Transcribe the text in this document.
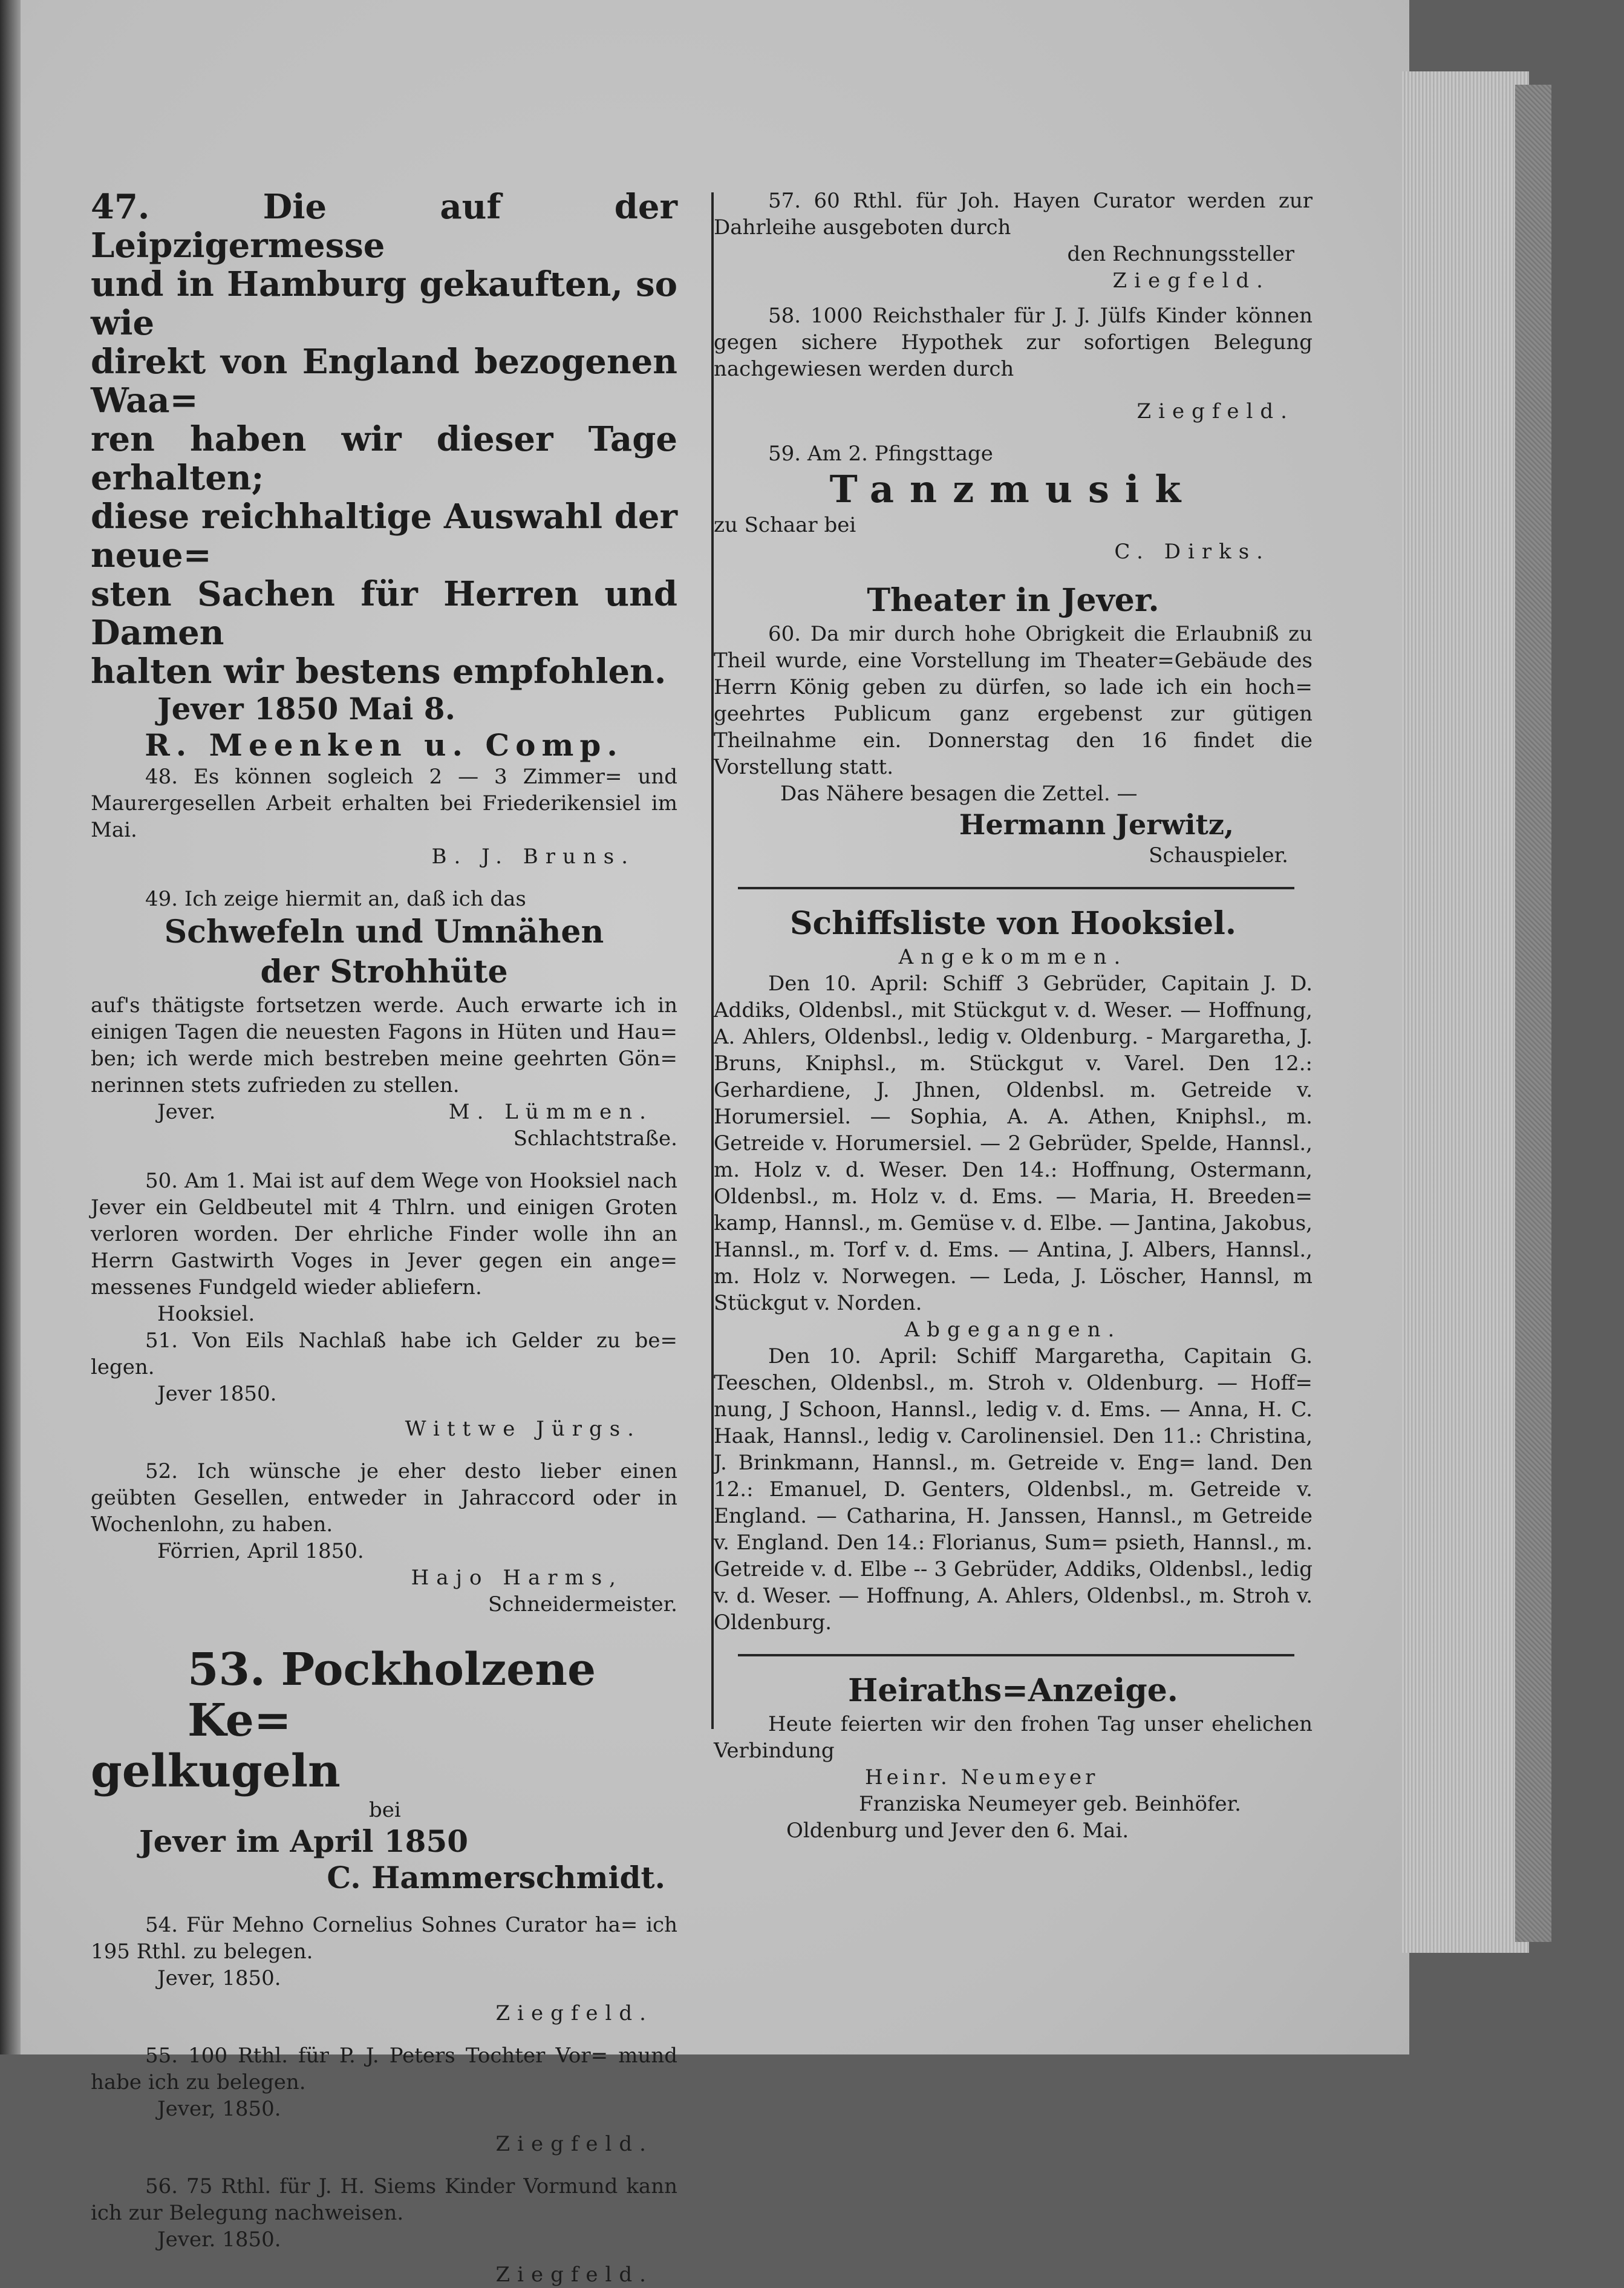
47. Die auf der Leipzigermesse

und in Hamburg gekauften, so wie

direkt von England bezogenen Waa=

ren haben wir dieser Tage erhalten;

diese reichhaltige Auswahl der neue=

sten Sachen für Herren und Damen

halten wir bestens empfohlen.

Jever 1850 Mai 8.

R. Meenken u. Comp.

48. Es können sogleich 2 — 3 Zimmer= und Maurergesellen Arbeit erhalten bei Friederikensiel im Mai.

B. J. Bruns.

49. Ich zeige hiermit an, daß ich das

Schwefeln und Umnähen

der Strohhüte

auf's thätigste fortsetzen werde. Auch erwarte ich in einigen Tagen die neuesten Fagons in Hüten und Hau= ben; ich werde mich bestreben meine geehrten Gön= nerinnen stets zufrieden zu stellen.

Jever.	M. Lümmen.

Schlachtstraße.

50. Am 1. Mai ist auf dem Wege von Hooksiel nach Jever ein Geldbeutel mit 4 Thlrn. und einigen Groten verloren worden. Der ehrliche Finder wolle ihn an Herrn Gastwirth Voges in Jever gegen ein ange= messenes Fundgeld wieder abliefern.

Hooksiel.

51. Von Eils Nachlaß habe ich Gelder zu be= legen.

Jever 1850.

Wittwe Jürgs.

52. Ich wünsche je eher desto lieber einen geübten Gesellen, entweder in Jahraccord oder in Wochenlohn, zu haben.

Förrien, April 1850.

Hajo Harms,

Schneidermeister.

53. Pockholzene Ke=

gelkugeln

bei

Jever im April 1850

C. Hammerschmidt.

54. Für Mehno Cornelius Sohnes Curator ha= ich 195 Rthl. zu belegen.

Jever, 1850.

Ziegfeld.

55. 100 Rthl. für P. J. Peters Tochter Vor= mund habe ich zu belegen.

Jever, 1850.

Ziegfeld.

56. 75 Rthl. für J. H. Siems Kinder Vormund kann ich zur Belegung nachweisen.

Jever. 1850.

Ziegfeld.

57. 60 Rthl. für Joh. Hayen Curator werden zur Dahrleihe ausgeboten durch

den Rechnungssteller

Ziegfeld.

58. 1000 Reichsthaler für J. J. Jülfs Kinder können gegen sichere Hypothek zur sofortigen Belegung nachgewiesen werden durch

Ziegfeld.

59. Am 2. Pfingsttage

Tanzmusik

zu Schaar bei

C. Dirks.

Theater in Jever.

60. Da mir durch hohe Obrigkeit die Erlaubniß zu Theil wurde, eine Vorstellung im Theater=Gebäude des Herrn König geben zu dürfen, so lade ich ein hoch= geehrtes Publicum ganz ergebenst zur gütigen Theilnahme ein. Donnerstag den 16 findet die Vorstellung statt.

Das Nähere besagen die Zettel. —

Hermann Jerwitz,

Schauspieler.

Schiffsliste von Hooksiel.

Angekommen.

Den 10. April: Schiff 3 Gebrüder, Capitain J. D. Addiks, Oldenbsl., mit Stückgut v. d. Weser. — Hoffnung, A. Ahlers, Oldenbsl., ledig v. Oldenburg. - Margaretha, J. Bruns, Kniphsl., m. Stückgut v. Varel. Den 12.: Gerhardiene, J. Jhnen, Oldenbsl. m. Getreide v. Horumersiel. — Sophia, A. A. Athen, Kniphsl., m. Getreide v. Horumersiel. — 2 Gebrüder, Spelde, Hannsl., m. Holz v. d. Weser. Den 14.: Hoffnung, Ostermann, Oldenbsl., m. Holz v. d. Ems. — Maria, H. Breeden= kamp, Hannsl., m. Gemüse v. d. Elbe. — Jantina, Jakobus, Hannsl., m. Torf v. d. Ems. — Antina, J. Albers, Hannsl., m. Holz v. Norwegen. — Leda, J. Löscher, Hannsl, m Stückgut v. Norden.

Abgegangen.

Den 10. April: Schiff Margaretha, Capitain G. Teeschen, Oldenbsl., m. Stroh v. Oldenburg. — Hoff= nung, J Schoon, Hannsl., ledig v. d. Ems. — Anna, H. C. Haak, Hannsl., ledig v. Carolinensiel. Den 11.: Christina, J. Brinkmann, Hannsl., m. Getreide v. Eng= land. Den 12.: Emanuel, D. Genters, Oldenbsl., m. Getreide v. England. — Catharina, H. Janssen, Hannsl., m Getreide v. England. Den 14.: Florianus, Sum= psieth, Hannsl., m. Getreide v. d. Elbe -- 3 Gebrüder, Addiks, Oldenbsl., ledig v. d. Weser. — Hoffnung, A. Ahlers, Oldenbsl., m. Stroh v. Oldenburg.

Heiraths=Anzeige.

Heute feierten wir den frohen Tag unser ehelichen Verbindung

Heinr. Neumeyer

Franziska Neumeyer geb. Beinhöfer.

Oldenburg und Jever den 6. Mai.
